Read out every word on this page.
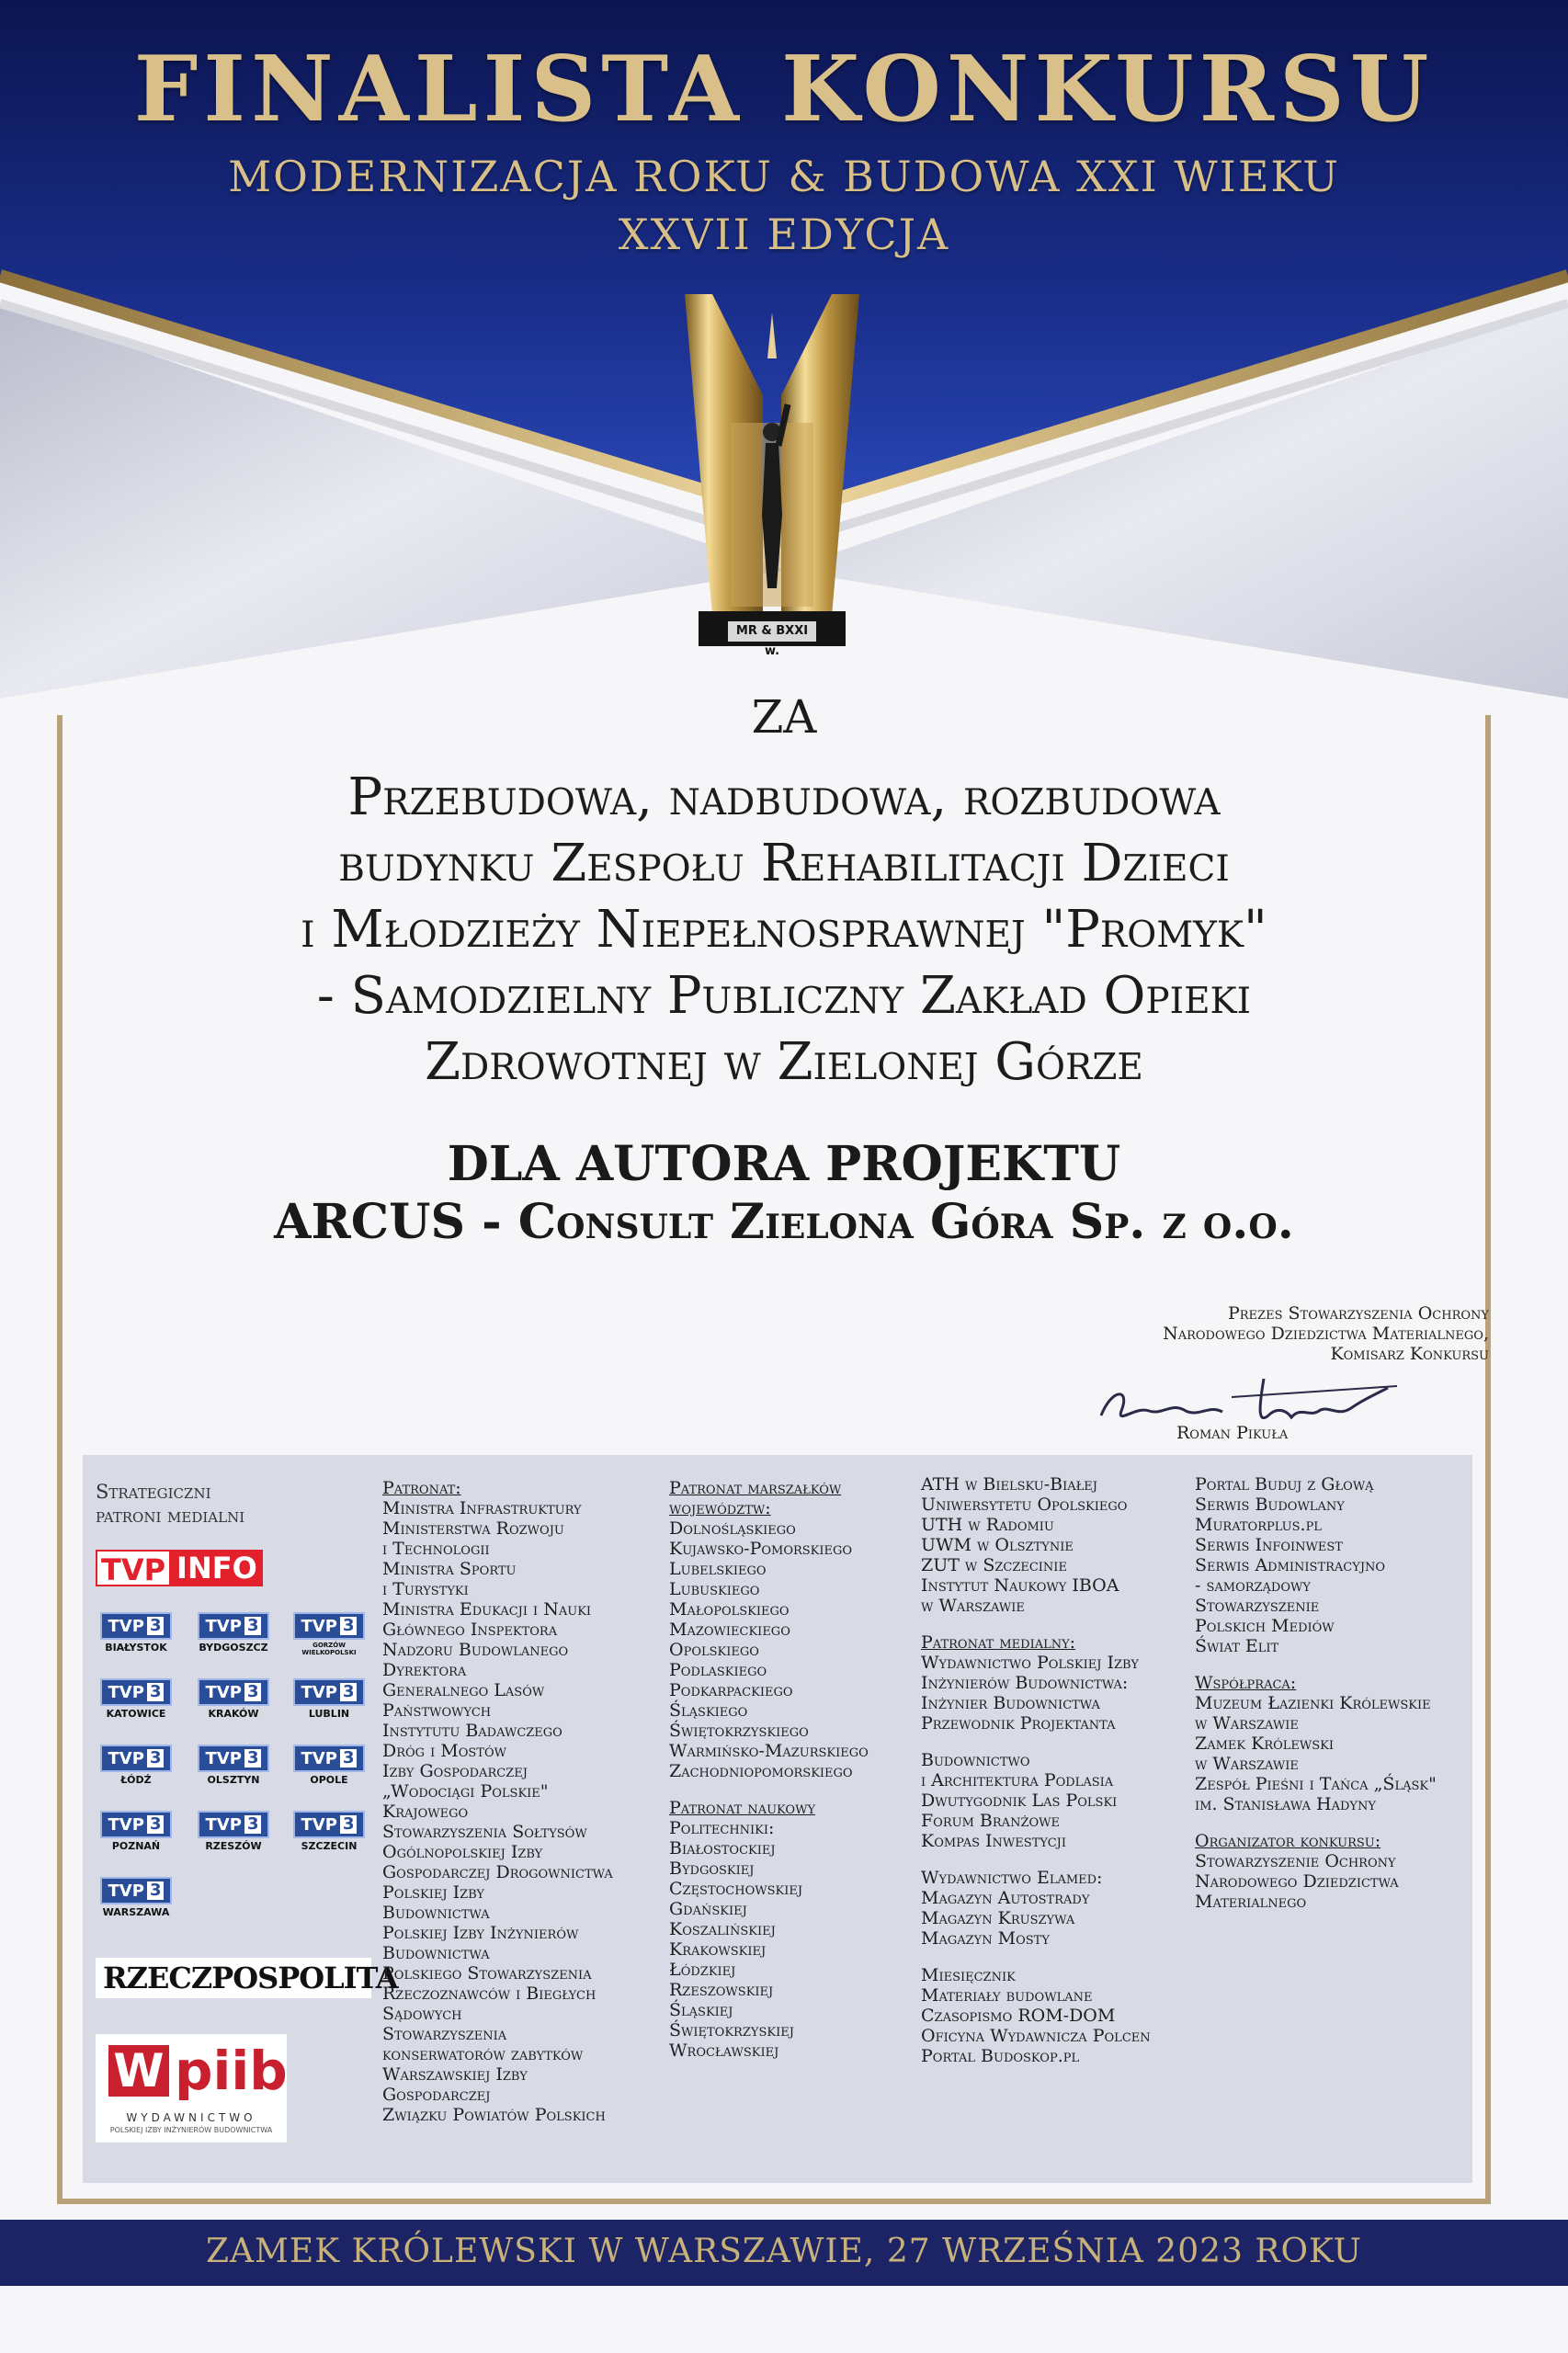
FINALISTA KONKURSU
MODERNIZACJA ROKU & BUDOWA XXI WIEKU
XXVII EDYCJA
MR & BXXI w.
ZA
Przebudowa, nadbudowa, rozbudowa
budynku Zespołu Rehabilitacji Dzieci
i Młodzieży Niepełnosprawnej "Promyk"
- Samodzielny Publiczny Zakład Opieki
Zdrowotnej w Zielonej Górze
DLA AUTORA PROJEKTU
ARCUS - Consult Zielona Góra Sp. z o.o.
Prezes Stowarzyszenia Ochrony
Narodowego Dziedzictwa Materialnego,
Komisarz Konkursu
Roman Pikuła
Strategiczni
patroni medialni
TVP INFO
TVP 3
BIAŁYSTOK
TVP 3
BYDGOSZCZ
TVP 3
GORZÓW WIELKOPOLSKI
TVP 3
KATOWICE
TVP 3
KRAKÓW
TVP 3
LUBLIN
TVP 3
ŁÓDŹ
TVP 3
OLSZTYN
TVP 3
OPOLE
TVP 3
POZNAŃ
TVP 3
RZESZÓW
TVP 3
SZCZECIN
TVP 3
WARSZAWA
RZECZPOSPOLITA
W piib
WYDAWNICTWO
POLSKIEJ IZBY INŻYNIERÓW BUDOWNICTWA
Patronat:
Ministra Infrastruktury
Ministerstwa Rozwoju
i Technologii
Ministra Sportu
i Turystyki
Ministra Edukacji i Nauki
Głównego Inspektora
Nadzoru Budowlanego
Dyrektora
Generalnego Lasów
Państwowych
Instytutu Badawczego
Dróg i Mostów
Izby Gospodarczej
„Wodociągi Polskie"
Krajowego
Stowarzyszenia Sołtysów
Ogólnopolskiej Izby
Gospodarczej Drogownictwa
Polskiej Izby
Budownictwa
Polskiej Izby Inżynierów
Budownictwa
Polskiego Stowarzyszenia
Rzeczoznawców i Biegłych
Sądowych
Stowarzyszenia
konserwatorów zabytków
Warszawskiej Izby
Gospodarczej
Związku Powiatów Polskich
Patronat marszałków
województw:
Dolnośląskiego
Kujawsko-Pomorskiego
Lubelskiego
Lubuskiego
Małopolskiego
Mazowieckiego
Opolskiego
Podlaskiego
Podkarpackiego
Śląskiego
Świętokrzyskiego
Warmińsko-Mazurskiego
Zachodniopomorskiego
Patronat naukowy
Politechniki:
Białostockiej
Bydgoskiej
Częstochowskiej
Gdańskiej
Koszalińskiej
Krakowskiej
Łódzkiej
Rzeszowskiej
Śląskiej
Świętokrzyskiej
Wrocławskiej
ATH w Bielsku-Białej
Uniwersytetu Opolskiego
UTH w Radomiu
UWM w Olsztynie
ZUT w Szczecinie
Instytut Naukowy IBOA
w Warszawie
Patronat medialny:
Wydawnictwo Polskiej Izby
Inżynierów Budownictwa:
Inżynier Budownictwa
Przewodnik Projektanta
Budownictwo
i Architektura Podlasia
Dwutygodnik Las Polski
Forum Branżowe
Kompas Inwestycji
Wydawnictwo Elamed:
Magazyn Autostrady
Magazyn Kruszywa
Magazyn Mosty
Miesięcznik
Materiały budowlane
Czasopismo ROM-DOM
Oficyna Wydawnicza Polcen
Portal Budoskop.pl
Portal Buduj z Głową
Serwis Budowlany
Muratorplus.pl
Serwis Infoinwest
Serwis Administracyjno
- samorządowy
Stowarzyszenie
Polskich Mediów
Świat Elit
Współpraca:
Muzeum Łazienki Królewskie
w Warszawie
Zamek Królewski
w Warszawie
Zespół Pieśni i Tańca „Śląsk"
im. Stanisława Hadyny
Organizator konkursu:
Stowarzyszenie Ochrony
Narodowego Dziedzictwa
Materialnego
ZAMEK KRÓLEWSKI W WARSZAWIE, 27 WRZEŚNIA 2023 ROKU
